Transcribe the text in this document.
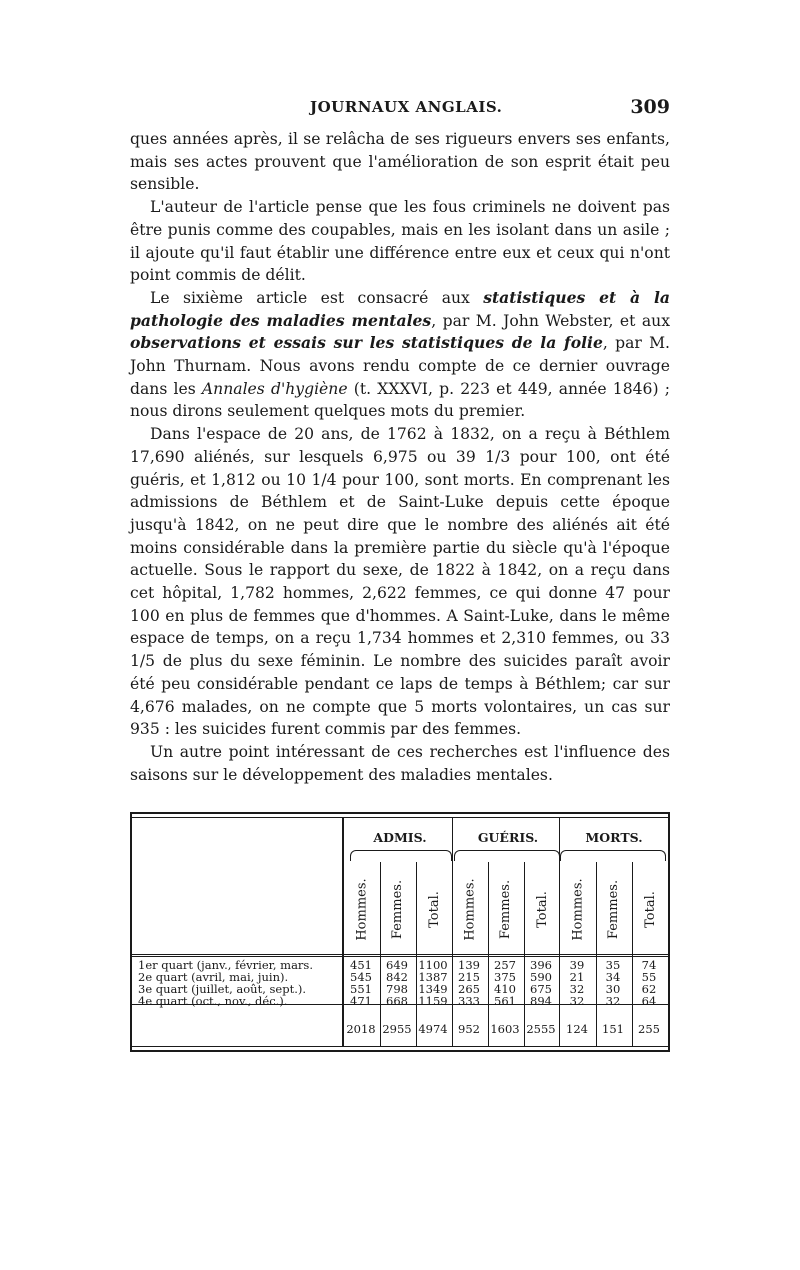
JOURNAUX ANGLAIS.	309

ques années après, il se relâcha de ses rigueurs envers ses enfants, mais ses actes prouvent que l'amélioration de son esprit était peu sensible.

L'auteur de l'article pense que les fous criminels ne doivent pas être punis comme des coupables, mais en les isolant dans un asile ; il ajoute qu'il faut établir une différence entre eux et ceux qui n'ont point commis de délit.

Le sixième article est consacré aux statistiques et à la pathologie des maladies mentales, par M. John Webster, et aux observations et essais sur les statistiques de la folie, par M. John Thurnam. Nous avons rendu compte de ce dernier ouvrage dans les Annales d'hygiène (t. XXXVI, p. 223 et 449, année 1846) ; nous dirons seulement quelques mots du premier.

Dans l'espace de 20 ans, de 1762 à 1832, on a reçu à Béthlem 17,690 aliénés, sur lesquels 6,975 ou 39 1/3 pour 100, ont été guéris, et 1,812 ou 10 1/4 pour 100, sont morts. En comprenant les admissions de Béthlem et de Saint-Luke depuis cette époque jusqu'à 1842, on ne peut dire que le nombre des aliénés ait été moins considérable dans la première partie du siècle qu'à l'époque actuelle. Sous le rapport du sexe, de 1822 à 1842, on a reçu dans cet hôpital, 1,782 hommes, 2,622 femmes, ce qui donne 47 pour 100 en plus de femmes que d'hommes. A Saint-Luke, dans le même espace de temps, on a reçu 1,734 hommes et 2,310 femmes, ou 33 1/5 de plus du sexe féminin. Le nombre des suicides paraît avoir été peu considérable pendant ce laps de temps à Béthlem; car sur 4,676 malades, on ne compte que 5 morts volontaires, un cas sur 935 : les suicides furent commis par des femmes.

Un autre point intéressant de ces recherches est l'influence des saisons sur le développement des maladies mentales.

ADMIS.	GUÉRIS.	MORTS.
Hommes. Femmes. Total. Hommes. Femmes. Total. Hommes. Femmes. Total.
1er quart (janv., février, mars.	451	649 1100 139	257	396	39	35	74
2e quart (avril, mai, juin).	545	842 1387 215	375	590	21	34	55
3e quart (juillet, août, sept.).	551	798 1349 265	410	675	32	30	62
4e quart (oct., nov., déc.).	471	668 1159 333	561	894	32	32	64
2018 2955 4974 952 1603 2555 124	151	255
